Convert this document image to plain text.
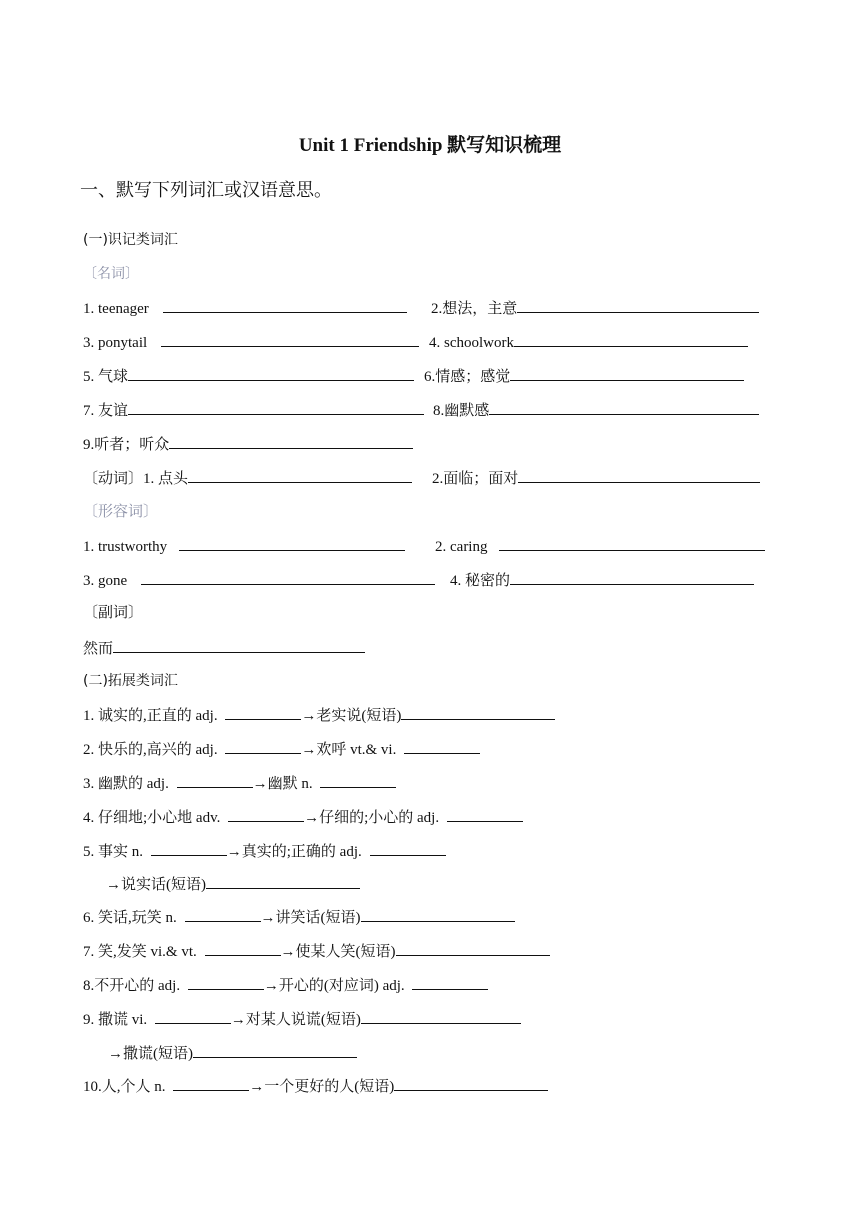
Unit 1 Friendship 默写知识梳理
一、默写下列词汇或汉语意思。
(一)识记类词汇
〔名词〕
1. teenager	2.想法，主意
3. ponytail	4. schoolwork
5. 气球	6.情感；感觉
7. 友谊	8.幽默感
9.听者；听众
〔动词〕1. 点头	2.面临；面对
〔形容词〕
1. trustworthy	2. caring
3. gone	4. 秘密的
〔副词〕
然而
(二)拓展类词汇
1. 诚实的,正直的 adj.	→老实说(短语)
2. 快乐的,高兴的 adj.	→欢呼 vt.& vi.
3. 幽默的 adj.	→幽默 n.
4. 仔细地;小心地 adv.	→仔细的;小心的 adj.
5. 事实 n.	→真实的;正确的 adj.
→说实话(短语)
6. 笑话,玩笑 n.	→讲笑话(短语)
7. 笑,发笑 vi.& vt.	→使某人笑(短语)
8.不开心的 adj.	→开心的(对应词) adj.
9. 撒谎 vi.	→对某人说谎(短语)
→撒谎(短语)
10.人,个人 n.	→一个更好的人(短语)
